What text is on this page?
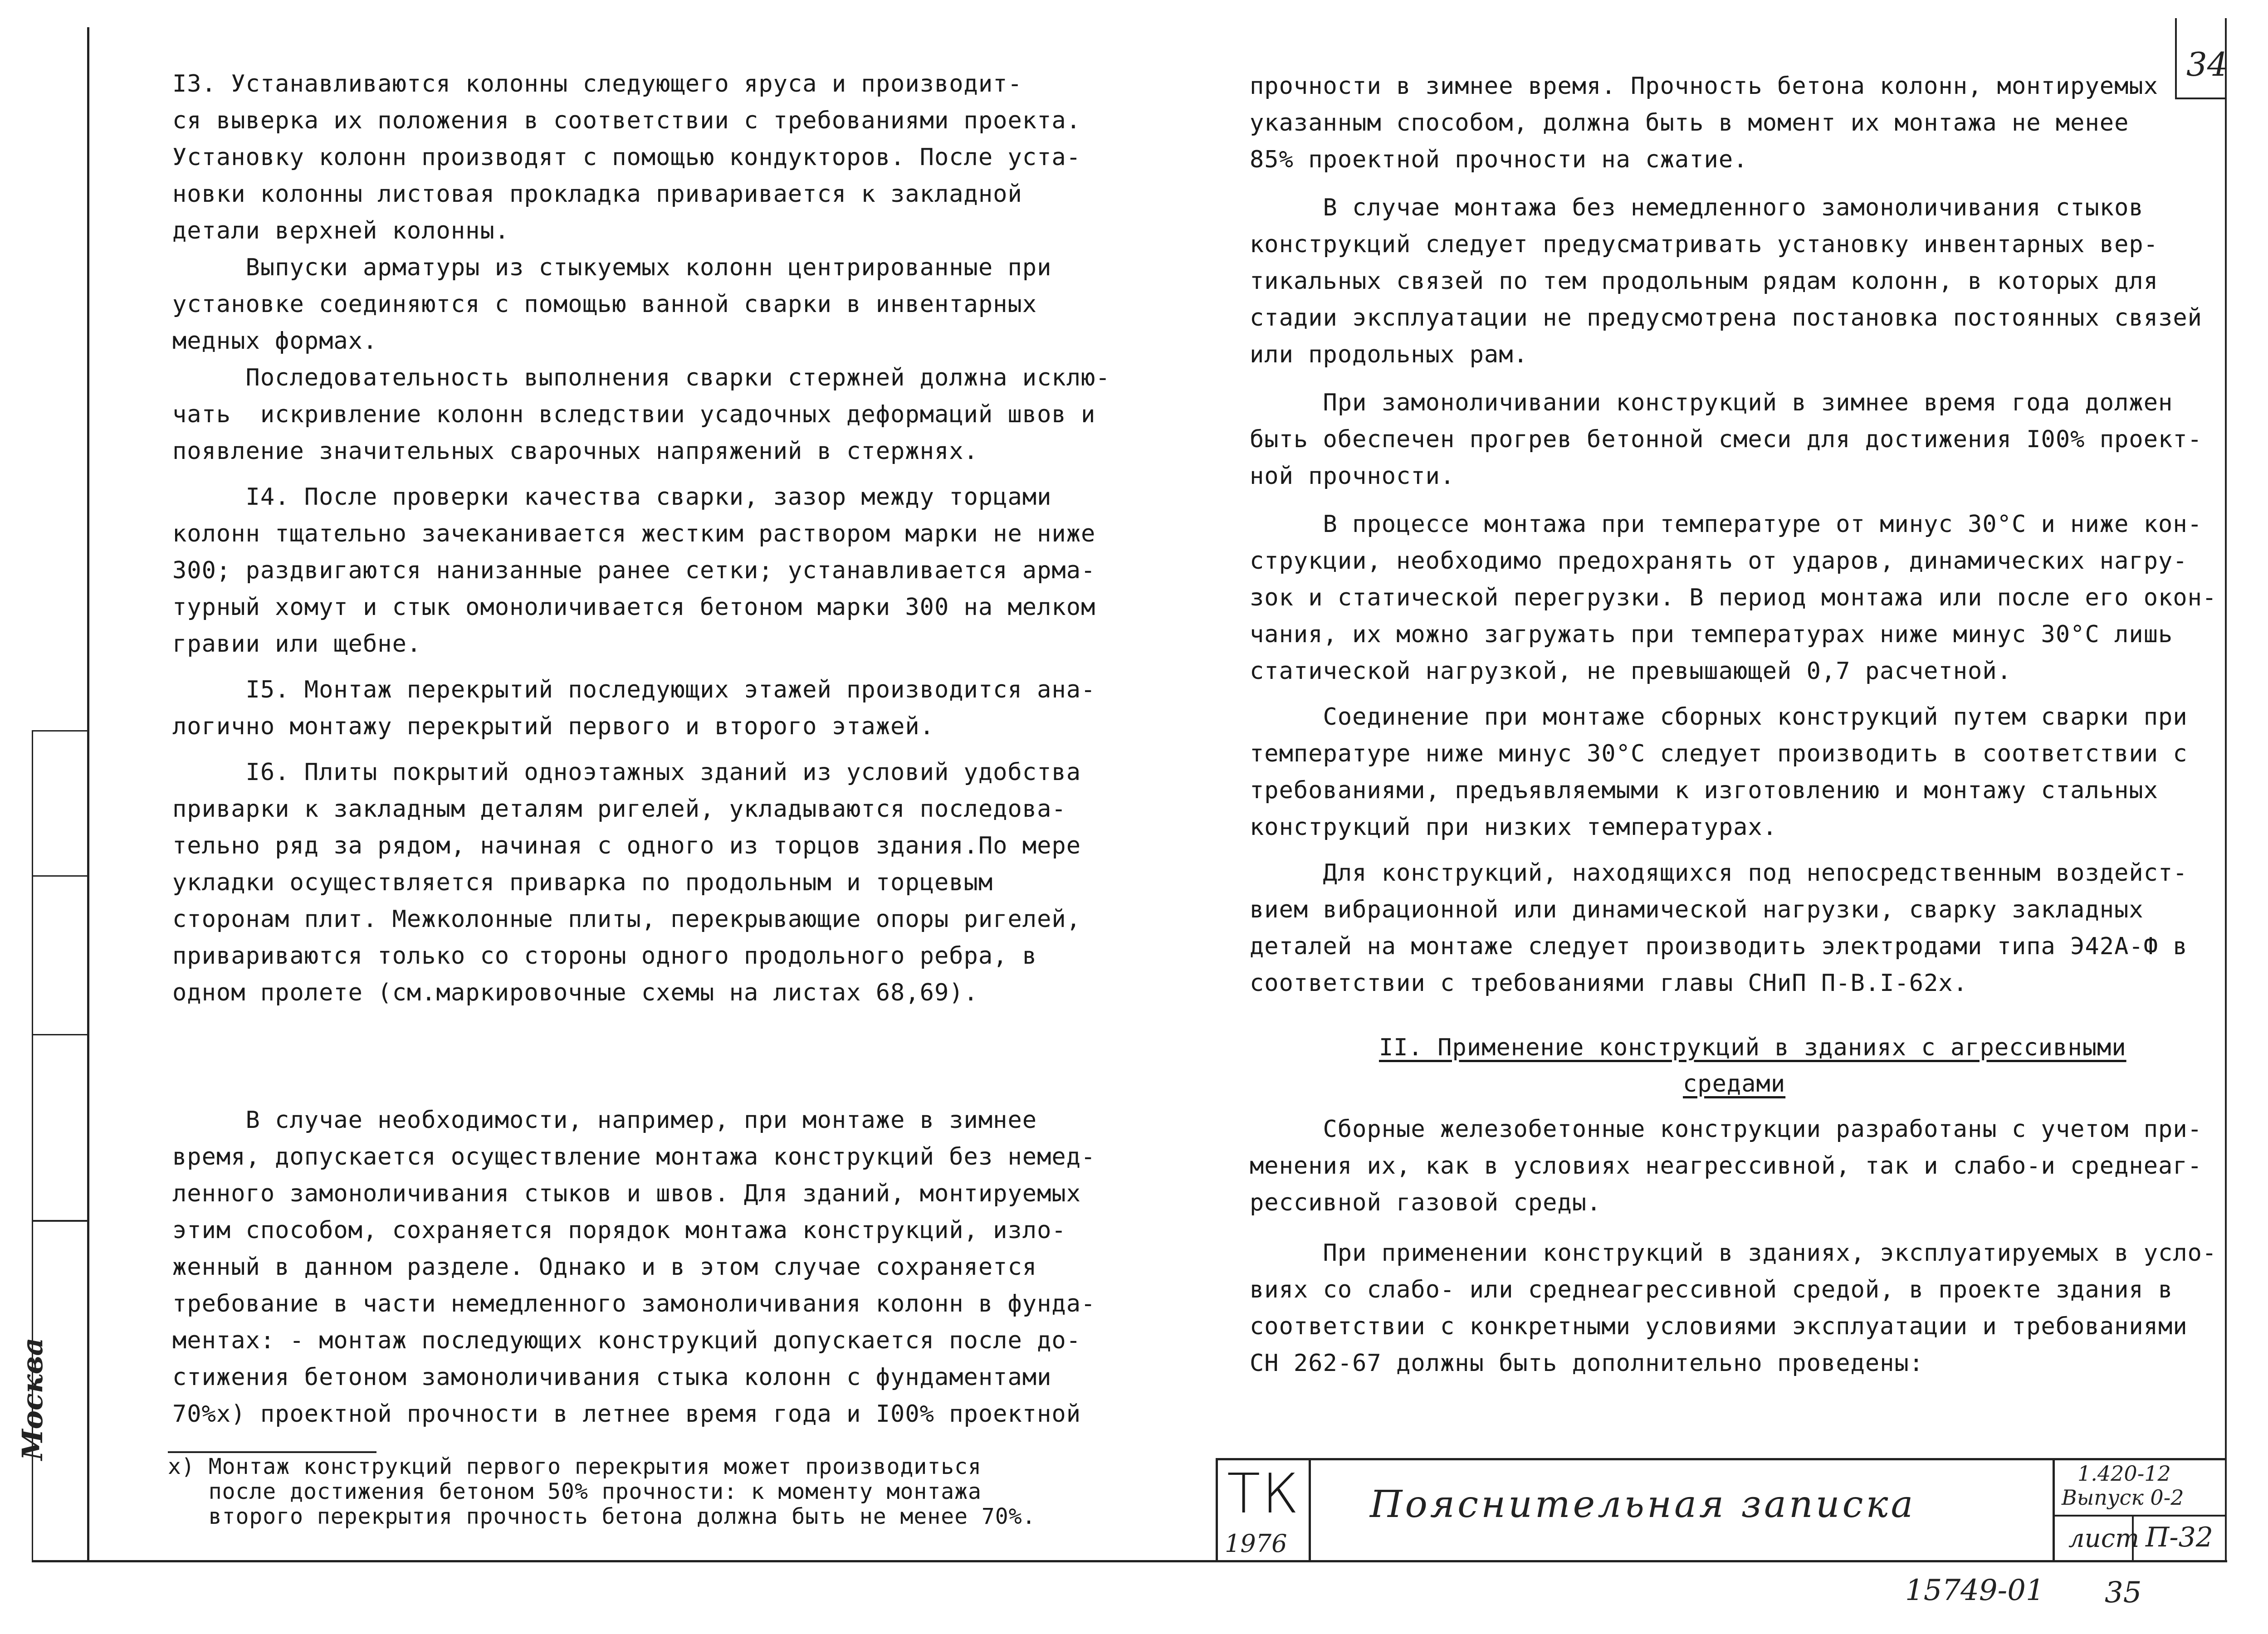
Москва
I3. Устанавливаются колонны следующего яруса и производит-
ся выверка их положения в соответствии с требованиями проекта.
Установку колонн производят с помощью кондукторов. После уста-
новки колонны листовая прокладка приваривается к закладной
детали верхней колонны.
Выпуски арматуры из стыкуемых колонн центрированные при
установке соединяются с помощью ванной сварки в инвентарных
медных формах.
Последовательность выполнения сварки стержней должна исклю-
чать  искривление колонн вследствии усадочных деформаций швов и
появление значительных сварочных напряжений в стержнях.
I4. После проверки качества сварки, зазор между торцами
колонн тщательно зачеканивается жестким раствором марки не ниже
300; раздвигаются нанизанные ранее сетки; устанавливается арма-
турный хомут и стык омоноличивается бетоном марки 300 на мелком
гравии или щебне.
I5. Монтаж перекрытий последующих этажей производится ана-
логично монтажу перекрытий первого и второго этажей.
I6. Плиты покрытий одноэтажных зданий из условий удобства
приварки к закладным деталям ригелей, укладываются последова-
тельно ряд за рядом, начиная с одного из торцов здания.По мере
укладки осуществляется приварка по продольным и торцевым
сторонам плит. Межколонные плиты, перекрывающие опоры ригелей,
привариваются только со стороны одного продольного ребра, в
одном пролете (см.маркировочные схемы на листах 68,69).
В случае необходимости, например, при монтаже в зимнее
время, допускается осуществление монтажа конструкций без немед-
ленного замоноличивания стыков и швов. Для зданий, монтируемых
этим способом, сохраняется порядок монтажа конструкций, изло-
женный в данном разделе. Однако и в этом случае сохраняется
требование в части немедленного замоноличивания колонн в фунда-
ментах: - монтаж последующих конструкций допускается после до-
стижения бетоном замоноличивания стыка колонн с фундаментами
70%х) проектной прочности в летнее время года и I00% проектной
х) Монтаж конструкций первого перекрытия может производиться
после достижения бетоном 50% прочности: к моменту монтажа
второго перекрытия прочность бетона должна быть не менее 70%.
прочности в зимнее время. Прочность бетона колонн, монтируемых
указанным способом, должна быть в момент их монтажа не менее
85% проектной прочности на сжатие.
В случае монтажа без немедленного замоноличивания стыков
конструкций следует предусматривать установку инвентарных вер-
тикальных связей по тем продольным рядам колонн, в которых для
стадии эксплуатации не предусмотрена постановка постоянных связей
или продольных рам.
При замоноличивании конструкций в зимнее время года должен
быть обеспечен прогрев бетонной смеси для достижения I00% проект-
ной прочности.
В процессе монтажа при температуре от минус 30°C и ниже кон-
струкции, необходимо предохранять от ударов, динамических нагру-
зок и статической перегрузки. В период монтажа или после его окон-
чания, их можно загружать при температурах ниже минус 30°С лишь
статической нагрузкой, не превышающей 0,7 расчетной.
Соединение при монтаже сборных конструкций путем сварки при
температуре ниже минус 30°C следует производить в соответствии с
требованиями, предъявляемыми к изготовлению и монтажу стальных
конструкций при низких температурах.
Для конструкций, находящихся под непосредственным воздейст-
вием вибрационной или динамической нагрузки, сварку закладных
деталей на монтаже следует производить электродами типа Э42А-Ф в
соответствии с требованиями главы СНиП П-В.I-62х.
II. Применение конструкций в зданиях с агрессивными
средами
Сборные железобетонные конструкции разработаны с учетом при-
менения их, как в условиях неагрессивной, так и слабо-и среднеаг-
рессивной газовой среды.
При применении конструкций в зданиях, эксплуатируемых в усло-
виях со слабо- или среднеагрессивной средой, в проекте здания в
соответствии с конкретными условиями эксплуатации и требованиями
СН 262-67 должны быть дополнительно проведены:
34
ТК
1976
Пояснительная записка
1.420-12
Выпуск 0-2
лист П-32
15749-01 35
